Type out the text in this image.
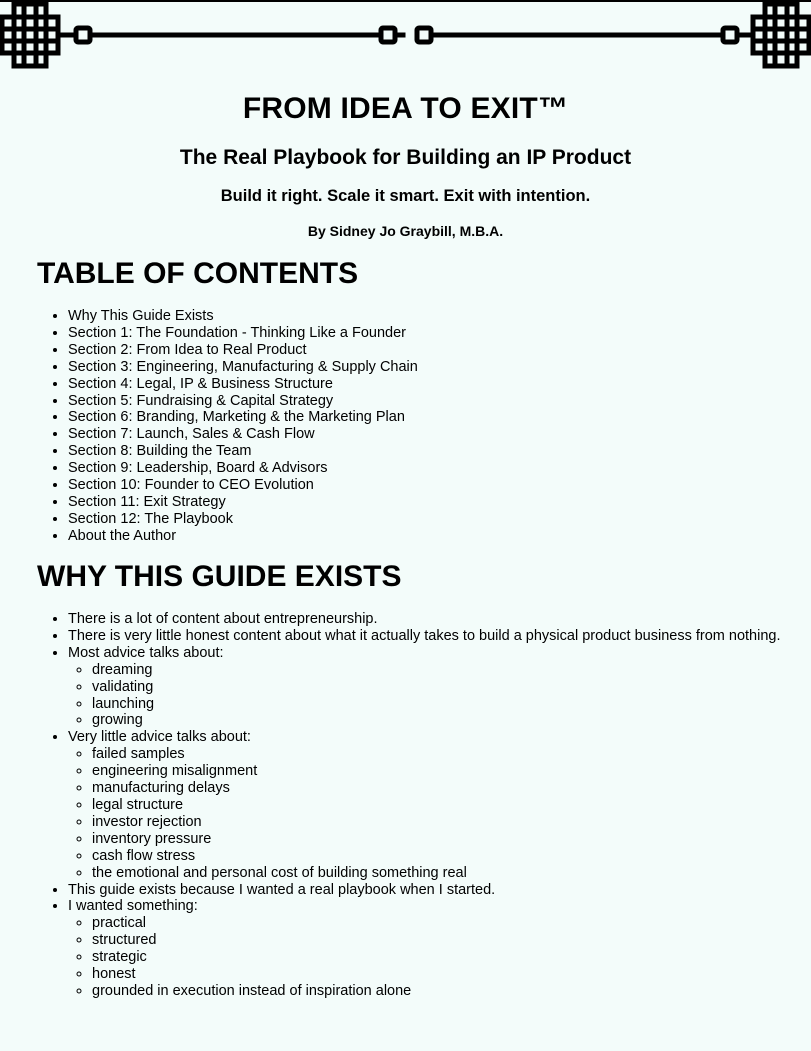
FROM IDEA TO EXIT™
The Real Playbook for Building an IP Product
Build it right. Scale it smart. Exit with intention.
By Sidney Jo Graybill, M.B.A.
TABLE OF CONTENTS
• Why This Guide Exists
• Section 1: The Foundation - Thinking Like a Founder
• Section 2: From Idea to Real Product
• Section 3: Engineering, Manufacturing & Supply Chain
• Section 4: Legal, IP & Business Structure
• Section 5: Fundraising & Capital Strategy
• Section 6: Branding, Marketing & the Marketing Plan
• Section 7: Launch, Sales & Cash Flow
• Section 8: Building the Team
• Section 9: Leadership, Board & Advisors
• Section 10: Founder to CEO Evolution
• Section 11: Exit Strategy
• Section 12: The Playbook
• About the Author
WHY THIS GUIDE EXISTS
• There is a lot of content about entrepreneurship.
• There is very little honest content about what it actually takes to build a physical product business from nothing.
• Most advice talks about:
◦ dreaming
◦ validating
◦ launching
◦ growing
• Very little advice talks about:
◦ failed samples
◦ engineering misalignment
◦ manufacturing delays
◦ legal structure
◦ investor rejection
◦ inventory pressure
◦ cash flow stress
◦ the emotional and personal cost of building something real
• This guide exists because I wanted a real playbook when I started.
• I wanted something:
◦ practical
◦ structured
◦ strategic
◦ honest
◦ grounded in execution instead of inspiration alone
